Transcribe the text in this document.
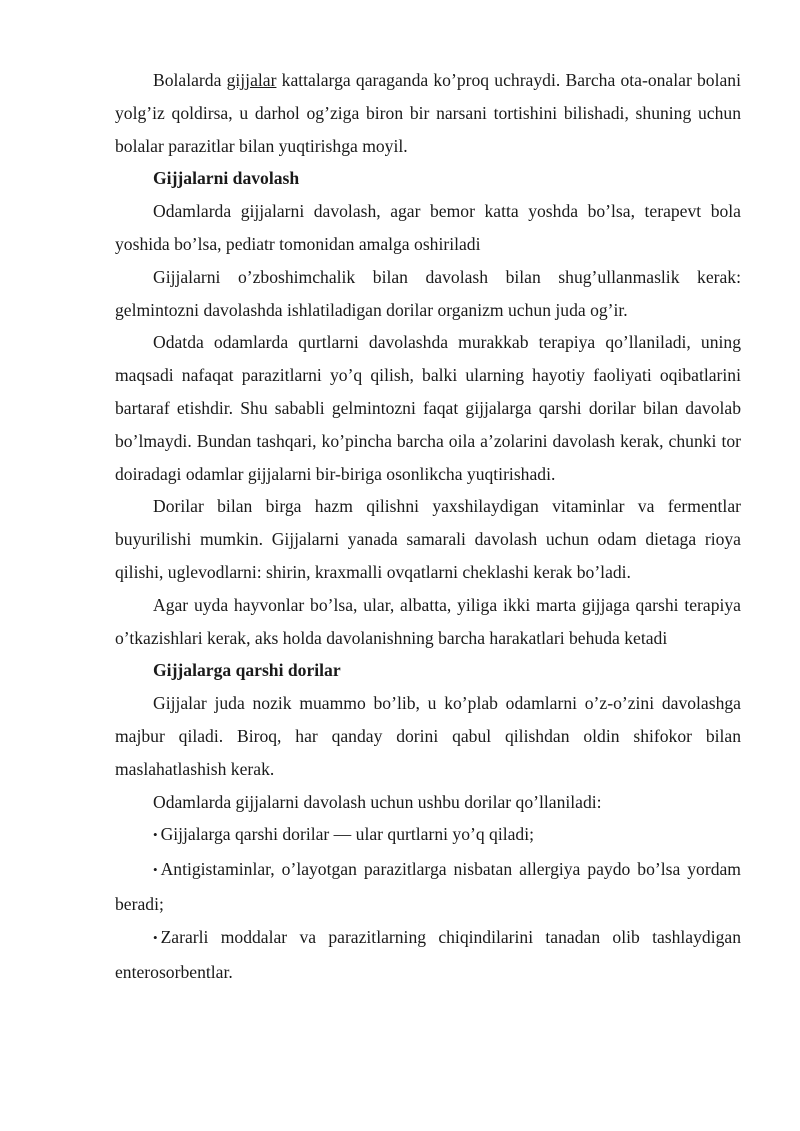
Bolalarda gijjalar kattalarga qaraganda ko’proq uchraydi. Barcha ota-onalar bolani yolg’iz qoldirsa, u darhol og’ziga biron bir narsani tortishini bilishadi, shuning uchun bolalar parazitlar bilan yuqtirishga moyil.

Gijjalarni davolash

Odamlarda gijjalarni davolash, agar bemor katta yoshda bo’lsa, terapevt bola yoshida bo’lsa, pediatr tomonidan amalga oshiriladi

Gijjalarni o’zboshimchalik bilan davolash bilan shug’ullanmaslik kerak: gelmintozni davolashda ishlatiladigan dorilar organizm uchun juda og’ir.

Odatda odamlarda qurtlarni davolashda murakkab terapiya qo’llaniladi, uning maqsadi nafaqat parazitlarni yo’q qilish, balki ularning hayotiy faoliyati oqibatlarini bartaraf etishdir. Shu sababli gelmintozni faqat gijjalarga qarshi dorilar bilan davolab bo’lmaydi. Bundan tashqari, ko’pincha barcha oila a’zolarini davolash kerak, chunki tor doiradagi odamlar gijjalarni bir-biriga osonlikcha yuqtirishadi.

Dorilar bilan birga hazm qilishni yaxshilaydigan vitaminlar va fermentlar buyurilishi mumkin. Gijjalarni yanada samarali davolash uchun odam dietaga rioya qilishi, uglevodlarni: shirin, kraxmalli ovqatlarni cheklashi kerak bo’ladi.

Agar uyda hayvonlar bo’lsa, ular, albatta, yiliga ikki marta gijjaga qarshi terapiya o’tkazishlari kerak, aks holda davolanishning barcha harakatlari behuda ketadi

Gijjalarga qarshi dorilar

Gijjalar juda nozik muammo bo’lib, u ko’plab odamlarni o’z-o’zini davolashga majbur qiladi. Biroq, har qanday dorini qabul qilishdan oldin shifokor bilan maslahatlashish kerak.

Odamlarda gijjalarni davolash uchun ushbu dorilar qo’llaniladi:

• Gijjalarga qarshi dorilar — ular qurtlarni yo’q qiladi;

• Antigistaminlar, o’layotgan parazitlarga nisbatan allergiya paydo bo’lsa yordam beradi;

• Zararli moddalar va parazitlarning chiqindilarini tanadan olib tashlaydigan enterosorbentlar.
